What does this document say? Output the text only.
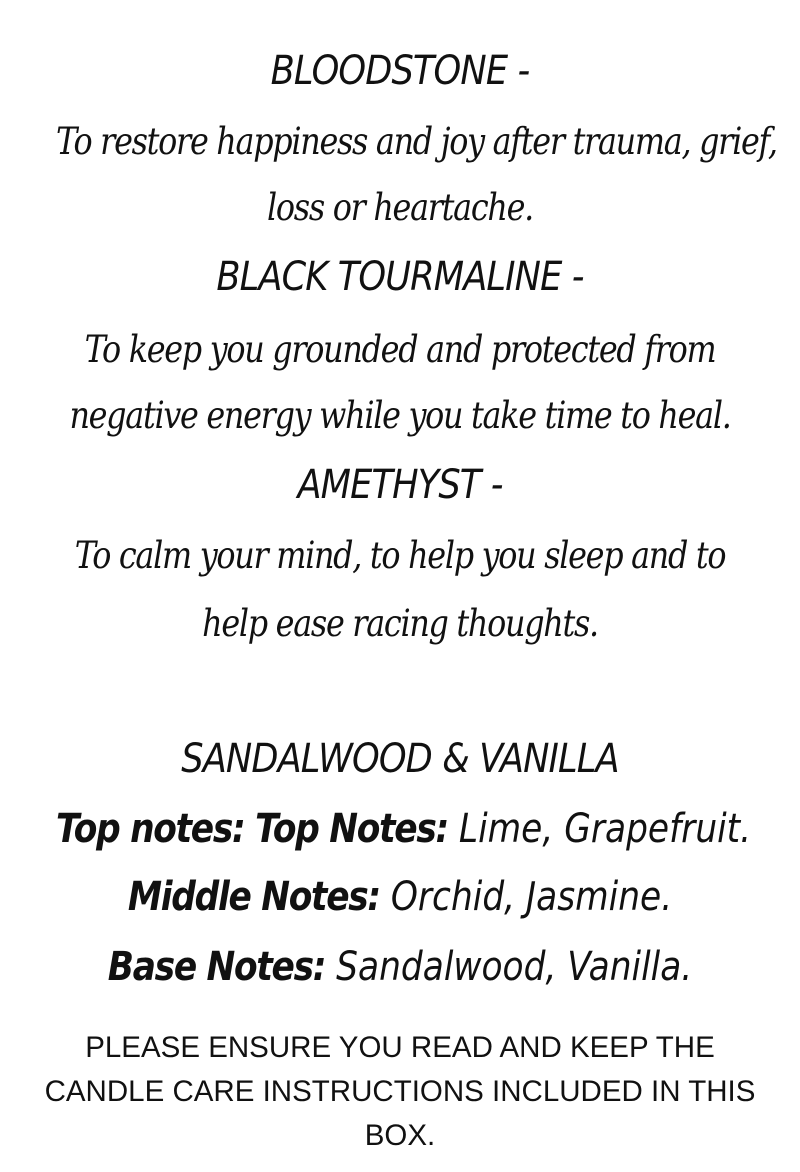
BLOODSTONE -
To restore happiness and joy after trauma, grief,
loss or heartache.
BLACK TOURMALINE -
To keep you grounded and protected from
negative energy while you take time to heal.
AMETHYST -
To calm your mind, to help you sleep and to
help ease racing thoughts.
SANDALWOOD & VANILLA
Top notes: Top Notes: Lime, Grapefruit.
Middle Notes: Orchid, Jasmine.
Base Notes: Sandalwood, Vanilla.
PLEASE ENSURE YOU READ AND KEEP THE CANDLE CARE INSTRUCTIONS INCLUDED IN THIS BOX.
